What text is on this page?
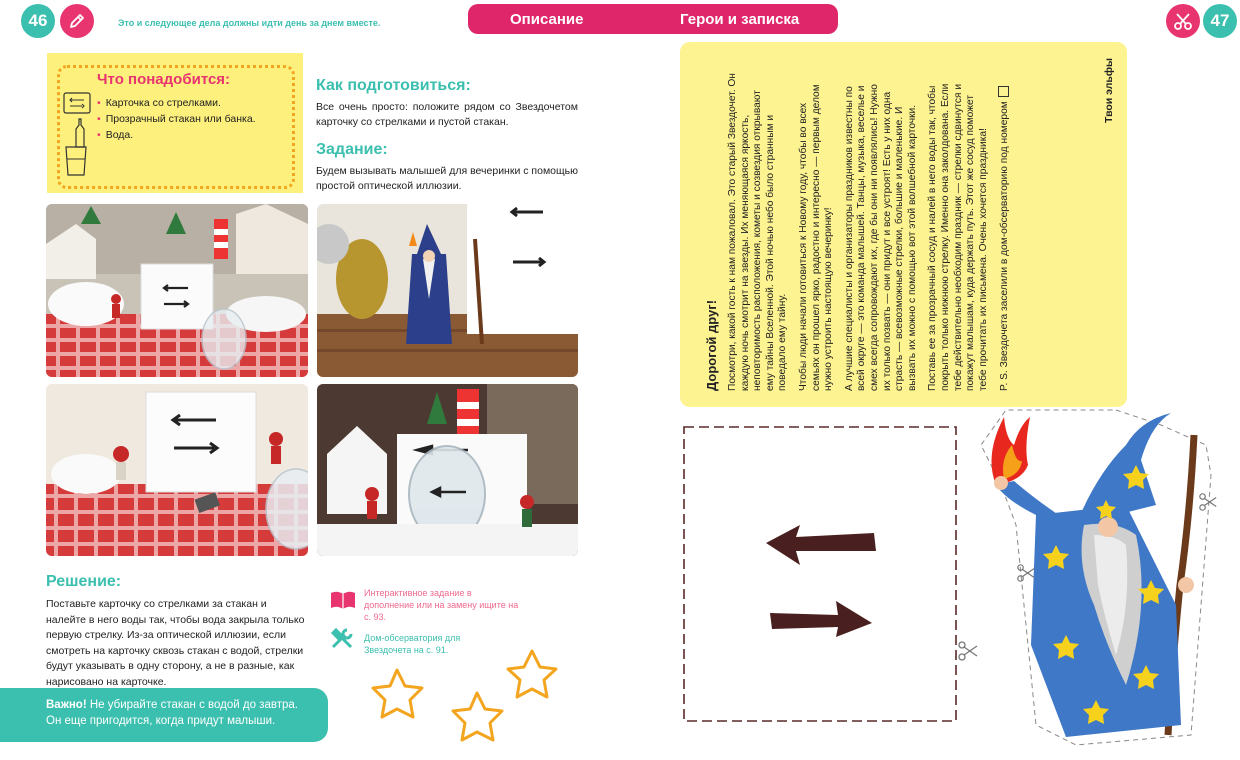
46	Это и следующее дела должны идти день за днем вместе.	Описание	Герои и записка	47
Что понадобится:
• Карточка со стрелками.
• Прозрачный стакан или банка.
• Вода.
Как подготовиться:
Все очень просто: положите рядом со Звездочетом карточку со стрелками и пустой стакан.
Задание:
Будем вызывать малышей для вечеринки с помощью простой оптической иллюзии.
Решение:
Поставьте карточку со стрелками за стакан и налейте в него воды так, чтобы вода закрыла только первую стрелку. Из-за оптической иллюзии, если смотреть на карточку сквозь стакан с водой, стрелки будут указывать в одну сторону, а не в разные, как нарисовано на карточке.
Интерактивное задание в дополнение или на замену ищите на с. 93.
Дом-обсерватория для Звездочета на с. 91.
Важно! Не убирайте стакан с водой до завтра.
Он еще пригодится, когда придут малыши.
Дорогой друг! Посмотри, какой гость к нам пожаловал. Это старый Звездочет. Он каждую ночь смотрит на звезды. Их меняющаяся яркость, неповторимость расположения, кометы и созвездия открывают ему тайны Вселенной. Этой ночью небо было странным и поведало ему тайну. Чтобы люди начали готовиться к Новому году, чтобы во всех семьях он прошел ярко, радостно и интересно — первым делом нужно устроить настоящую вечеринку! А лучшие специалисты и организаторы праздников известны по всей округе — это команда малышей. Танцы, музыка, веселье и смех всегда сопровождают их, где бы они ни появлялись! Нужно их только позвать — они придут и все устроят! Есть у них одна страсть — всевозможные стрелки, большие и маленькие. И вызвать их можно с помощью вот этой волшебной карточки. Поставь ее за прозрачный сосуд и налей в него воды так, чтобы покрыть только нижнюю стрелку. Именно она заколдована. Если тебе действительно необходим праздник — стрелки сдвинутся и покажут малышам, куда держать путь. Этот же сосуд поможет тебе прочитать их письмена. Очень хочется праздника! P. S. Звездочета заселили в дом-обсерваторию под номером

Твои эльфы
